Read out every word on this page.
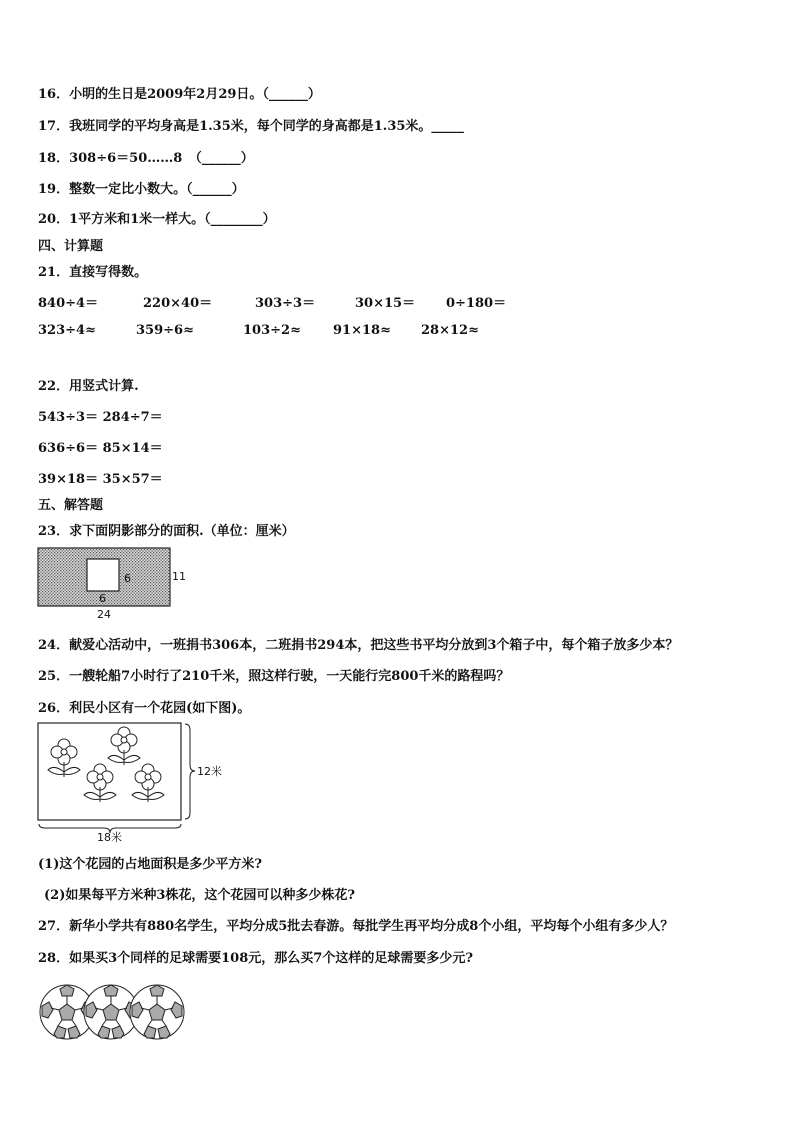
16．小明的生日是2009年2月29日。（______）
17．我班同学的平均身高是1.35米，每个同学的身高都是1.35米。_____
18．308÷6＝50……8　（______）
19．整数一定比小数大。（______）
20．1平方米和1米一样大。（________）
四、计算题
21．直接写得数。
840÷4＝	220×40＝	303÷3＝	30×15＝ 0÷180＝
323÷4≈	359÷6≈	103÷2≈ 91×18≈ 28×12≈
22．用竖式计算.
543÷3＝ 284÷7＝
636÷6＝ 85×14＝
39×18＝ 35×57＝
五、解答题
23．求下面阴影部分的面积.（单位：厘米）
6
6
11
24
24．献爱心活动中，一班捐书306本，二班捐书294本，把这些书平均分放到3个箱子中，每个箱子放多少本？
25．一艘轮船7小时行了210千米，照这样行驶，一天能行完800千米的路程吗？
26．利民小区有一个花园(如下图)。
12米
18米
(1)这个花园的占地面积是多少平方米?
(2)如果每平方米种3株花，这个花园可以种多少株花?
27．新华小学共有880名学生，平均分成5批去春游。每批学生再平均分成8个小组，平均每个小组有多少人？
28．如果买3个同样的足球需要108元，那么买7个这样的足球需要多少元?
